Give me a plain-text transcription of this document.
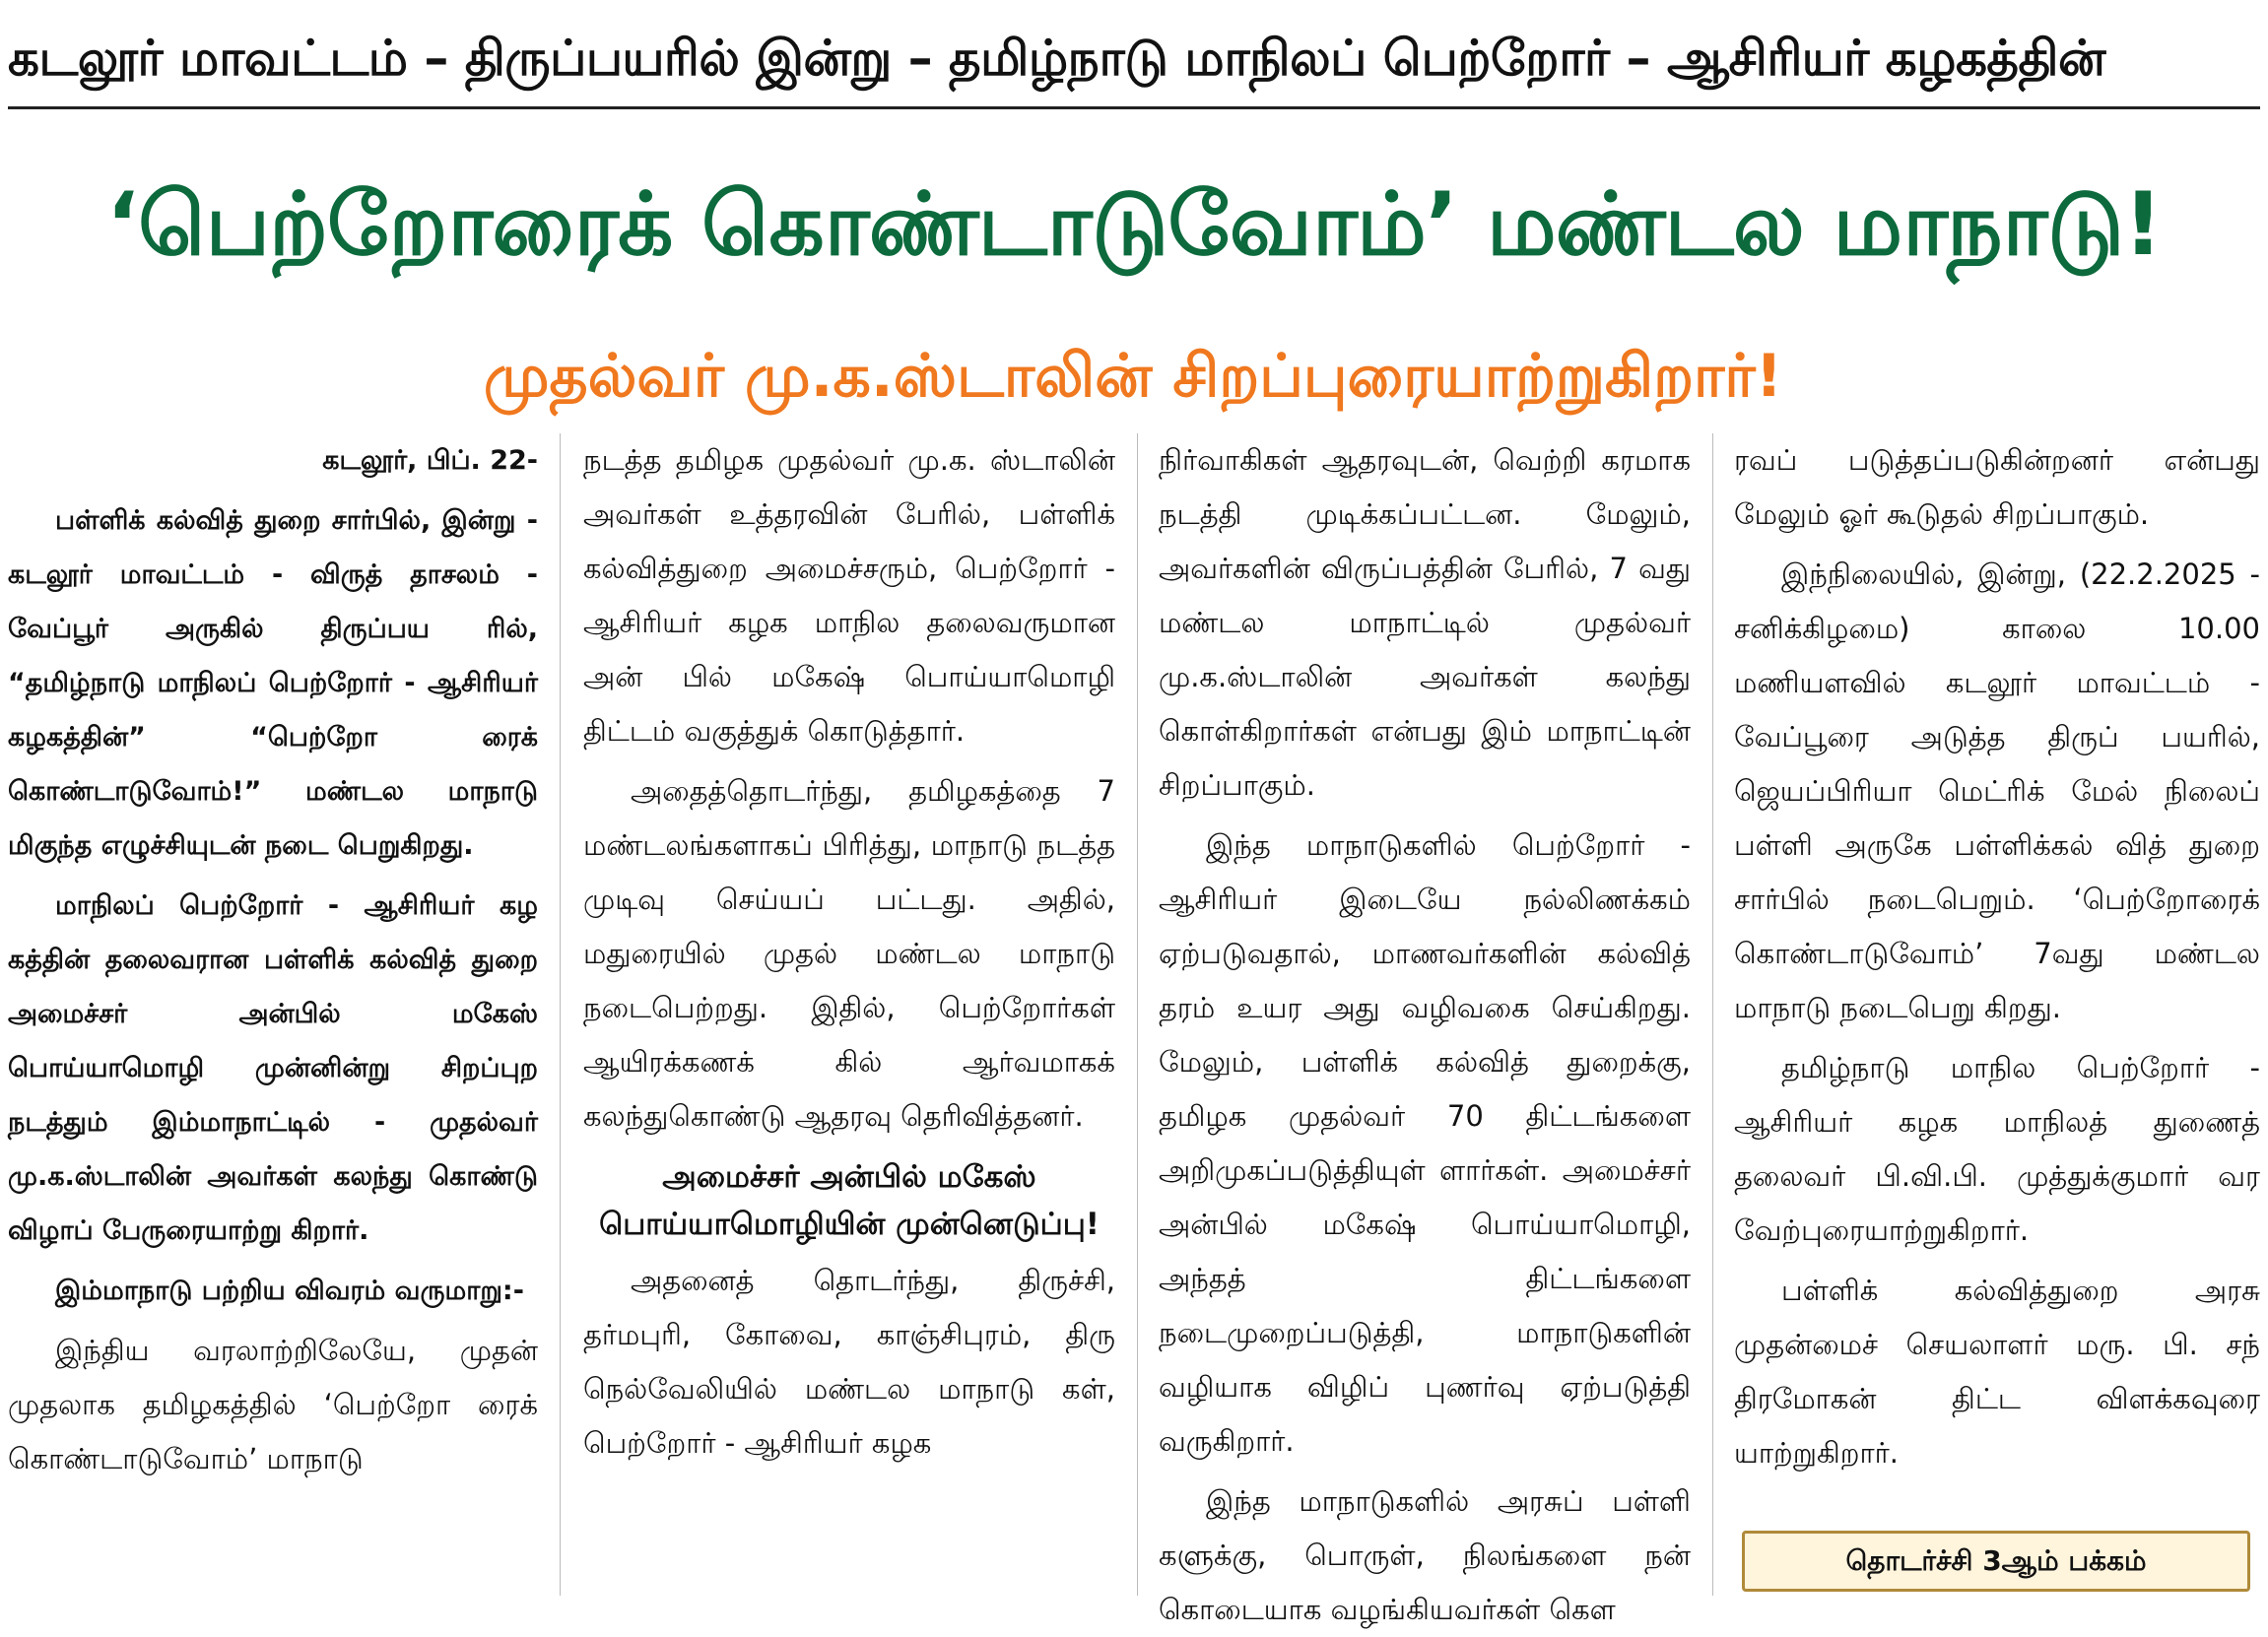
கடலூர் மாவட்டம் – திருப்பயரில் இன்று – தமிழ்நாடு மாநிலப் பெற்றோர் – ஆசிரியர் கழகத்தின்
‘பெற்றோரைக் கொண்டாடுவோம்’ மண்டல மாநாடு!
முதல்வர் மு.க.ஸ்டாலின் சிறப்புரையாற்றுகிறார்!

கடலூர், பிப். 22-

பள்ளிக் கல்வித் துறை சார்பில், இன்று - கடலூர் மாவட்டம் - விருத் தாசலம் - வேப்பூர் அருகில் திருப்பய ரில், “தமிழ்நாடு மாநிலப் பெற்றோர் - ஆசிரியர் கழகத்தின்” “பெற்றோ ரைக் கொண்டாடுவோம்!” மண்டல மாநாடு மிகுந்த எழுச்சியுடன் நடை பெறுகிறது.

மாநிலப் பெற்றோர் - ஆசிரியர் கழ கத்தின் தலைவரான பள்ளிக் கல்வித் துறை அமைச்சர் அன்பில் மகேஸ் பொய்யாமொழி முன்னின்று சிறப்புற நடத்தும் இம்மாநாட்டில் - முதல்வர் மு.க.ஸ்டாலின் அவர்கள் கலந்து கொண்டு விழாப் பேருரையாற்று கிறார்.

இம்மாநாடு பற்றிய விவரம் வருமாறு:-

இந்திய வரலாற்றிலேயே, முதன் முதலாக தமிழகத்தில் ‘பெற்றோ ரைக் கொண்டாடுவோம்’ மாநாடு

நடத்த தமிழக முதல்வர் மு.க. ஸ்டாலின் அவர்கள் உத்தரவின் பேரில், பள்ளிக் கல்வித்துறை அமைச்சரும், பெற்றோர் - ஆசிரியர் கழக மாநில தலைவருமான அன் பில் மகேஷ் பொய்யாமொழி திட்டம் வகுத்துக் கொடுத்தார்.

அதைத்தொடர்ந்து, தமிழகத்தை 7 மண்டலங்களாகப் பிரித்து, மாநாடு நடத்த முடிவு செய்யப் பட்டது. அதில், மதுரையில் முதல் மண்டல மாநாடு நடைபெற்றது. இதில், பெற்றோர்கள் ஆயிரக்கணக் கில் ஆர்வமாகக் கலந்துகொண்டு ஆதரவு தெரிவித்தனர்.

அமைச்சர் அன்பில் மகேஸ்
பொய்யாமொழியின் முன்னெடுப்பு!

அதனைத் தொடர்ந்து, திருச்சி, தர்மபுரி, கோவை, காஞ்சிபுரம், திரு நெல்வேலியில் மண்டல மாநாடு கள், பெற்றோர் - ஆசிரியர் கழக

நிர்வாகிகள் ஆதரவுடன், வெற்றி கரமாக நடத்தி முடிக்கப்பட்டன. மேலும், அவர்களின் விருப்பத்தின் பேரில், 7 வது மண்டல மாநாட்டில் முதல்வர் மு.க.ஸ்டாலின் அவர்கள் கலந்து கொள்கிறார்கள் என்பது இம் மாநாட்டின் சிறப்பாகும்.

இந்த மாநாடுகளில் பெற்றோர் - ஆசிரியர் இடையே நல்லிணக்கம் ஏற்படுவதால், மாணவர்களின் கல்வித் தரம் உயர அது வழிவகை செய்கிறது. மேலும், பள்ளிக் கல்வித் துறைக்கு, தமிழக முதல்வர் 70 திட்டங்களை அறிமுகப்படுத்தியுள் ளார்கள். அமைச்சர் அன்பில் மகேஷ் பொய்யாமொழி, அந்தத் திட்டங்களை நடைமுறைப்படுத்தி, மாநாடுகளின் வழியாக விழிப் புணர்வு ஏற்படுத்தி வருகிறார்.

இந்த மாநாடுகளில் அரசுப் பள்ளி களுக்கு, பொருள், நிலங்களை நன் கொடையாக வழங்கியவர்கள் கௌ

ரவப் படுத்தப்படுகின்றனர் என்பது மேலும் ஓர் கூடுதல் சிறப்பாகும்.

இந்நிலையில், இன்று, (22.2.2025 - சனிக்கிழமை) காலை 10.00 மணியளவில் கடலூர் மாவட்டம் - வேப்பூரை அடுத்த திருப் பயரில், ஜெயப்பிரியா மெட்ரிக் மேல் நிலைப் பள்ளி அருகே பள்ளிக்கல் வித் துறை சார்பில் நடைபெறும். ‘பெற்றோரைக் கொண்டாடுவோம்’ 7வது மண்டல மாநாடு நடைபெறு கிறது.

தமிழ்நாடு மாநில பெற்றோர் - ஆசிரியர் கழக மாநிலத் துணைத் தலைவர் பி.வி.பி. முத்துக்குமார் வர வேற்புரையாற்றுகிறார்.

பள்ளிக் கல்வித்துறை அரசு முதன்மைச் செயலாளர் மரு. பி. சந் திரமோகன் திட்ட விளக்கவுரை யாற்றுகிறார்.

தொடர்ச்சி 3ஆம் பக்கம்
